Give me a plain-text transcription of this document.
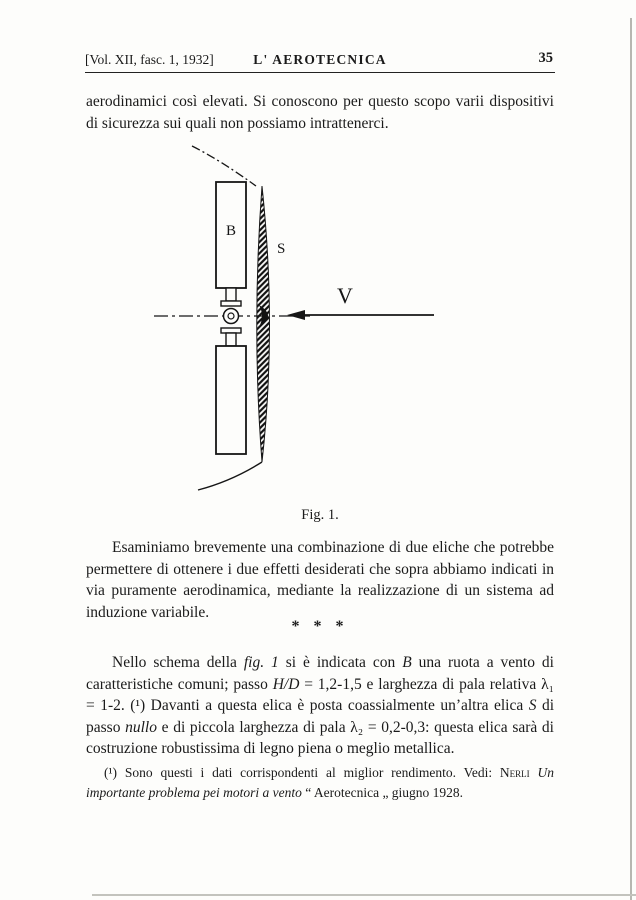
[Vol. XII, fasc. 1, 1932]	L' AEROTECNICA	35

aerodinamici così elevati. Si conoscono per questo scopo varii dispositivi di sicurezza sui quali non possiamo intrattenerci.

B
S
V

Fig. 1.

Esaminiamo brevemente una combinazione di due eliche che potrebbe permettere di ottenere i due effetti desiderati che sopra abbiamo indicati in via puramente aerodinamica, mediante la realizzazione di un sistema ad induzione variabile.

* * *

Nello schema della fig. 1 si è indicata con B una ruota a vento di caratteristiche comuni; passo H/D = 1,2-1,5 e larghezza di pala relativa λ₁ = 1-2. (¹) Davanti a questa elica è posta coassialmente un’altra elica S di passo nullo e di piccola larghezza di pala λ₂ = 0,2-0,3: questa elica sarà di costruzione robustissima di legno piena o meglio metallica.

(¹) Sono questi i dati corrispondenti al miglior rendimento. Vedi: Nerli Un importante problema pei motori a vento “ Aerotecnica „ giugno 1928.
